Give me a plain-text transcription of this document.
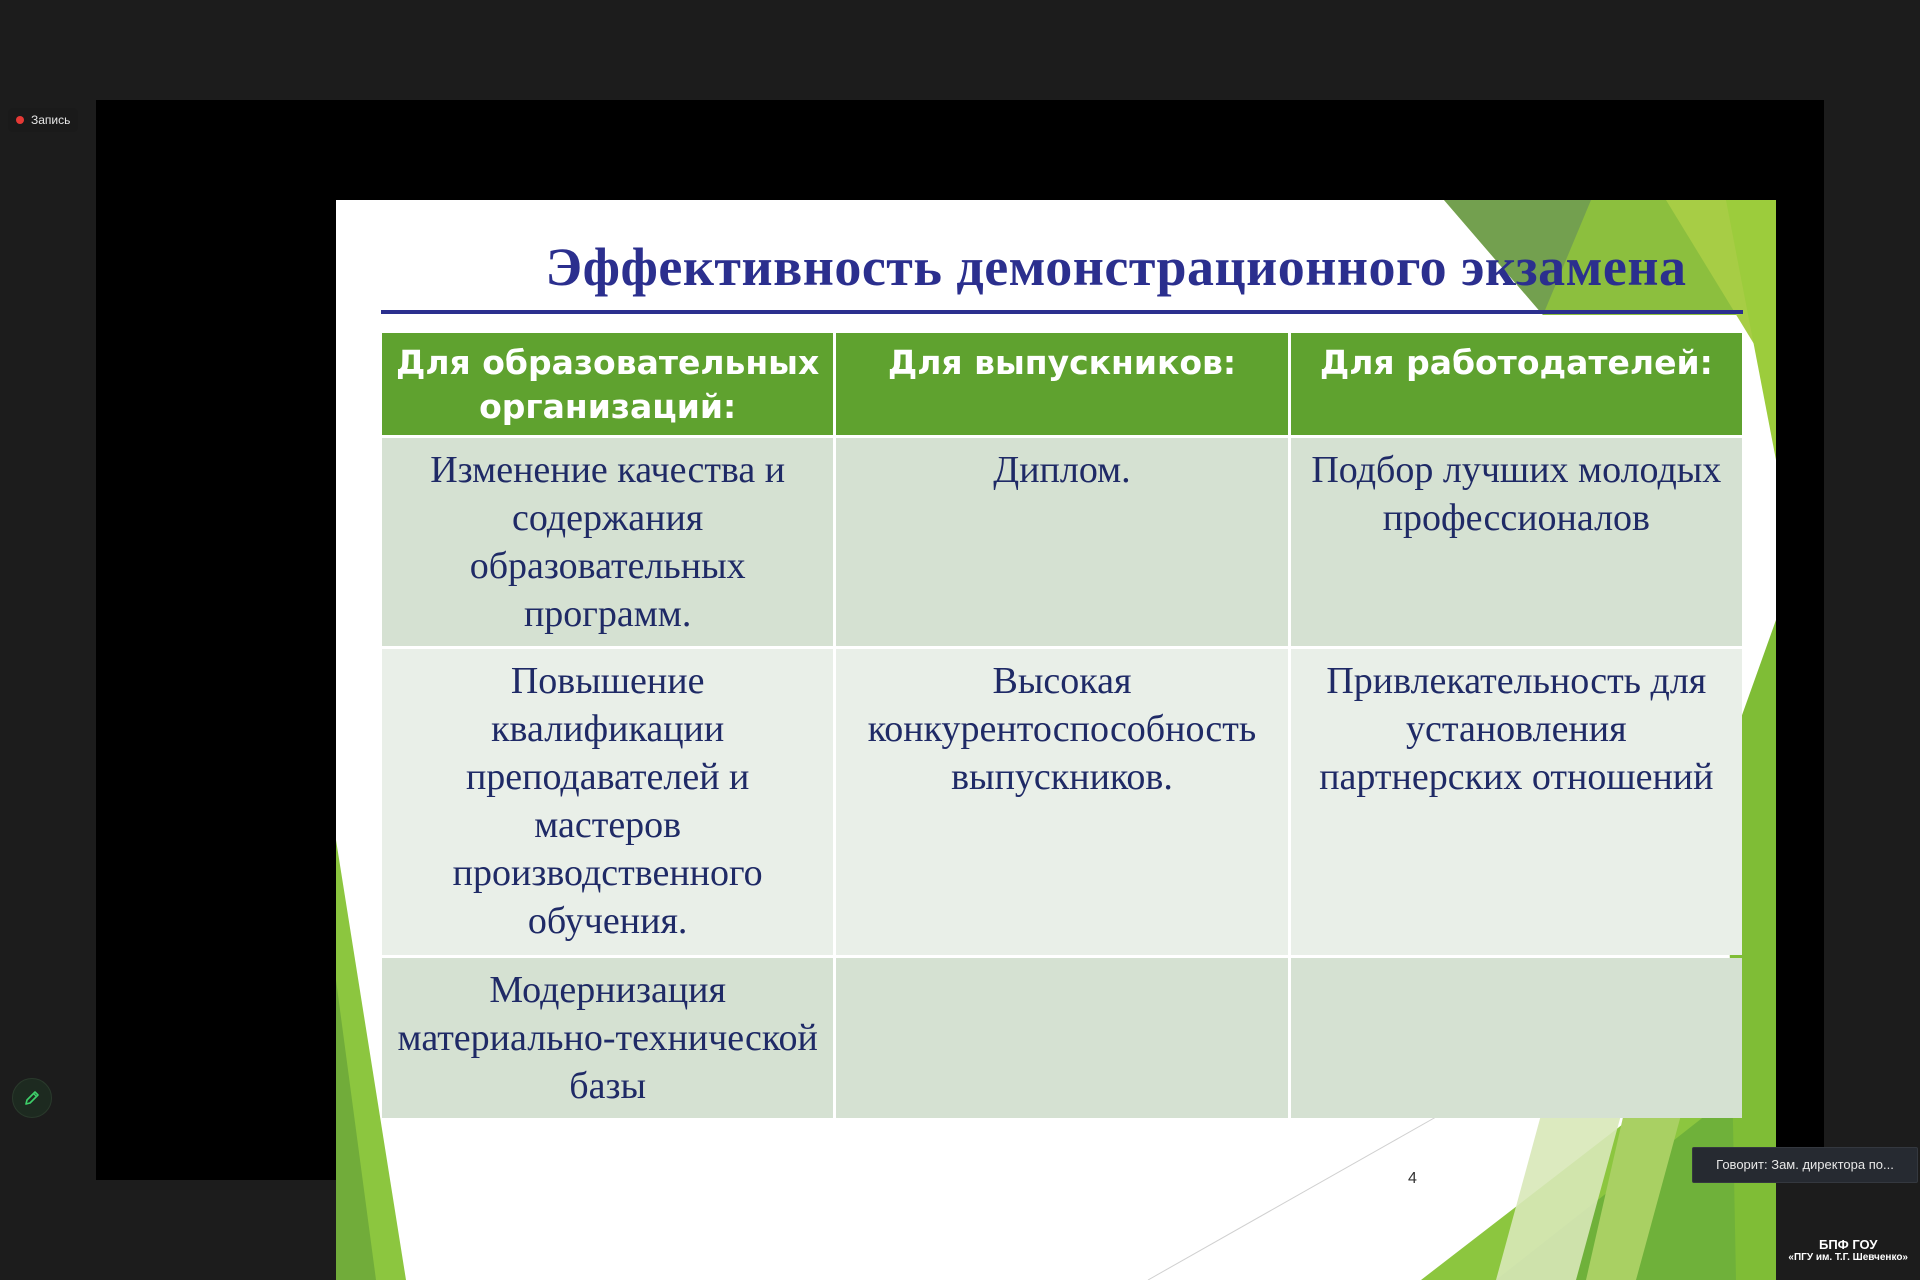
Запись
Эффективность демонстрационного экзамена
Для образовательных организаций:	Для выпускников:	Для работодателей:
Изменение качества и содержания образовательных программ.	Диплом.	Подбор лучших молодых профессионалов
Повышение квалификации преподавателей и мастеров производственного обучения.	Высокая конкурентоспособность выпускников.	Привлекательность для установления партнерских отношений
Модернизация материально-технической базы		
4
Говорит: Зам. директора по...
БПФ ГОУ
«ПГУ им. Т.Г. Шевченко»
